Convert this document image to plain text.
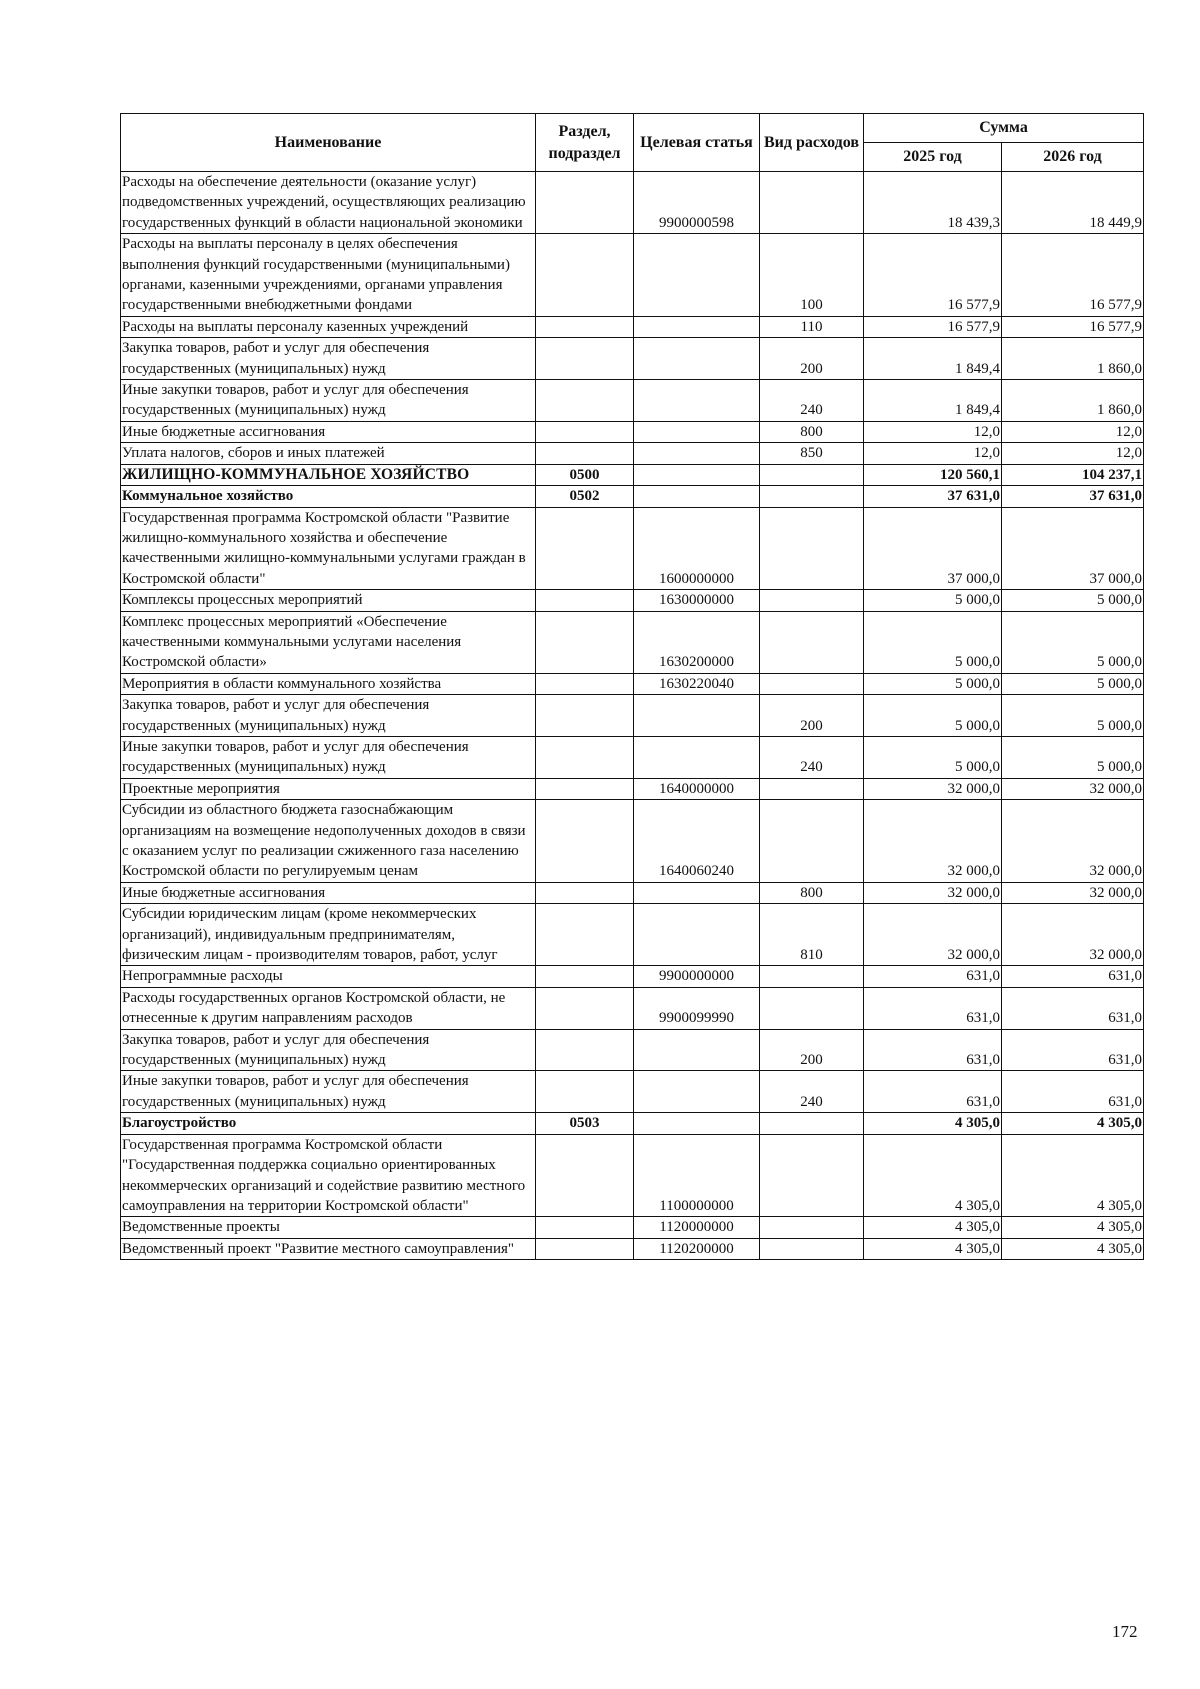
Наименование	Раздел, подраздел	Целевая статья	Вид расходов	Сумма	
				2025 год	2026 год
Расходы на обеспечение деятельности (оказание услуг) подведомственных учреждений, осуществляющих реализацию государственных функций в области национальной экономики		9900000598		18 439,3	18 449,9
Расходы на выплаты персоналу в целях обеспечения выполнения функций государственными (муниципальными) органами, казенными учреждениями, органами управления государственными внебюджетными фондами			100	16 577,9	16 577,9
Расходы на выплаты персоналу казенных учреждений			110	16 577,9	16 577,9
Закупка товаров, работ и услуг для обеспечения государственных (муниципальных) нужд			200	1 849,4	1 860,0
Иные закупки товаров, работ и услуг для обеспечения государственных (муниципальных) нужд			240	1 849,4	1 860,0
Иные бюджетные ассигнования			800	12,0	12,0
Уплата налогов, сборов и иных платежей			850	12,0	12,0
ЖИЛИЩНО-КОММУНАЛЬНОЕ ХОЗЯЙСТВО	0500			120 560,1	104 237,1
Коммунальное хозяйство	0502			37 631,0	37 631,0
Государственная программа Костромской области "Развитие жилищно-коммунального хозяйства и обеспечение качественными жилищно-коммунальными услугами граждан в Костромской области"		1600000000		37 000,0	37 000,0
Комплексы процессных мероприятий		1630000000		5 000,0	5 000,0
Комплекс процессных мероприятий «Обеспечение качественными коммунальными услугами населения Костромской области»		1630200000		5 000,0	5 000,0
Мероприятия в области коммунального хозяйства		1630220040		5 000,0	5 000,0
Закупка товаров, работ и услуг для обеспечения государственных (муниципальных) нужд			200	5 000,0	5 000,0
Иные закупки товаров, работ и услуг для обеспечения государственных (муниципальных) нужд			240	5 000,0	5 000,0
Проектные мероприятия		1640000000		32 000,0	32 000,0
Субсидии из областного бюджета газоснабжающим организациям на возмещение недополученных доходов в связи с оказанием услуг по реализации сжиженного газа населению Костромской области по регулируемым ценам		1640060240		32 000,0	32 000,0
Иные бюджетные ассигнования			800	32 000,0	32 000,0
Субсидии юридическим лицам (кроме некоммерческих организаций), индивидуальным предпринимателям, физическим лицам - производителям товаров, работ, услуг			810	32 000,0	32 000,0
Непрограммные расходы		9900000000		631,0	631,0
Расходы государственных органов Костромской области, не отнесенные к другим направлениям расходов		9900099990		631,0	631,0
Закупка товаров, работ и услуг для обеспечения государственных (муниципальных) нужд			200	631,0	631,0
Иные закупки товаров, работ и услуг для обеспечения государственных (муниципальных) нужд			240	631,0	631,0
Благоустройство	0503			4 305,0	4 305,0
Государственная программа Костромской области "Государственная поддержка социально ориентированных некоммерческих организаций и содействие развитию местного самоуправления на территории Костромской области"		1100000000		4 305,0	4 305,0
Ведомственные проекты		1120000000		4 305,0	4 305,0
Ведомственный проект "Развитие местного самоуправления"		1120200000		4 305,0	4 305,0
172
